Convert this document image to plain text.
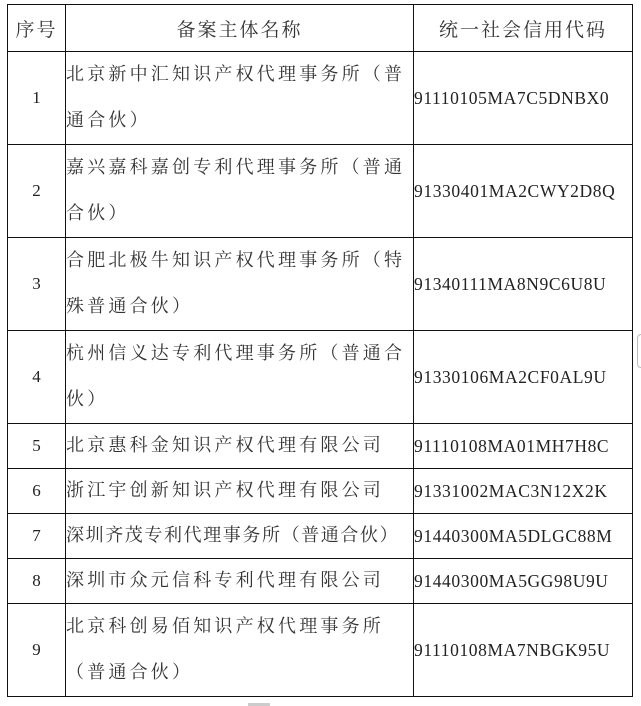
序号	备案主体名称	统一社会信用代码
1	北京新中汇知识产权代理事务所（普通合伙）	91110105MA7C5DNBX0
2	嘉兴嘉科嘉创专利代理事务所（普通合伙）	91330401MA2CWY2D8Q
3	合肥北极牛知识产权代理事务所（特殊普通合伙）	91340111MA8N9C6U8U
4	杭州信义达专利代理事务所（普通合伙）	91330106MA2CF0AL9U
5	北京惠科金知识产权代理有限公司	91110108MA01MH7H8C
6	浙江宇创新知识产权代理有限公司	91331002MAC3N12X2K
7	深圳齐茂专利代理事务所（普通合伙）	91440300MA5DLGC88M
8	深圳市众元信科专利代理有限公司	91440300MA5GG98U9U
9	北京科创易佰知识产权代理事务所（普通合伙）	91110108MA7NBGK95U
